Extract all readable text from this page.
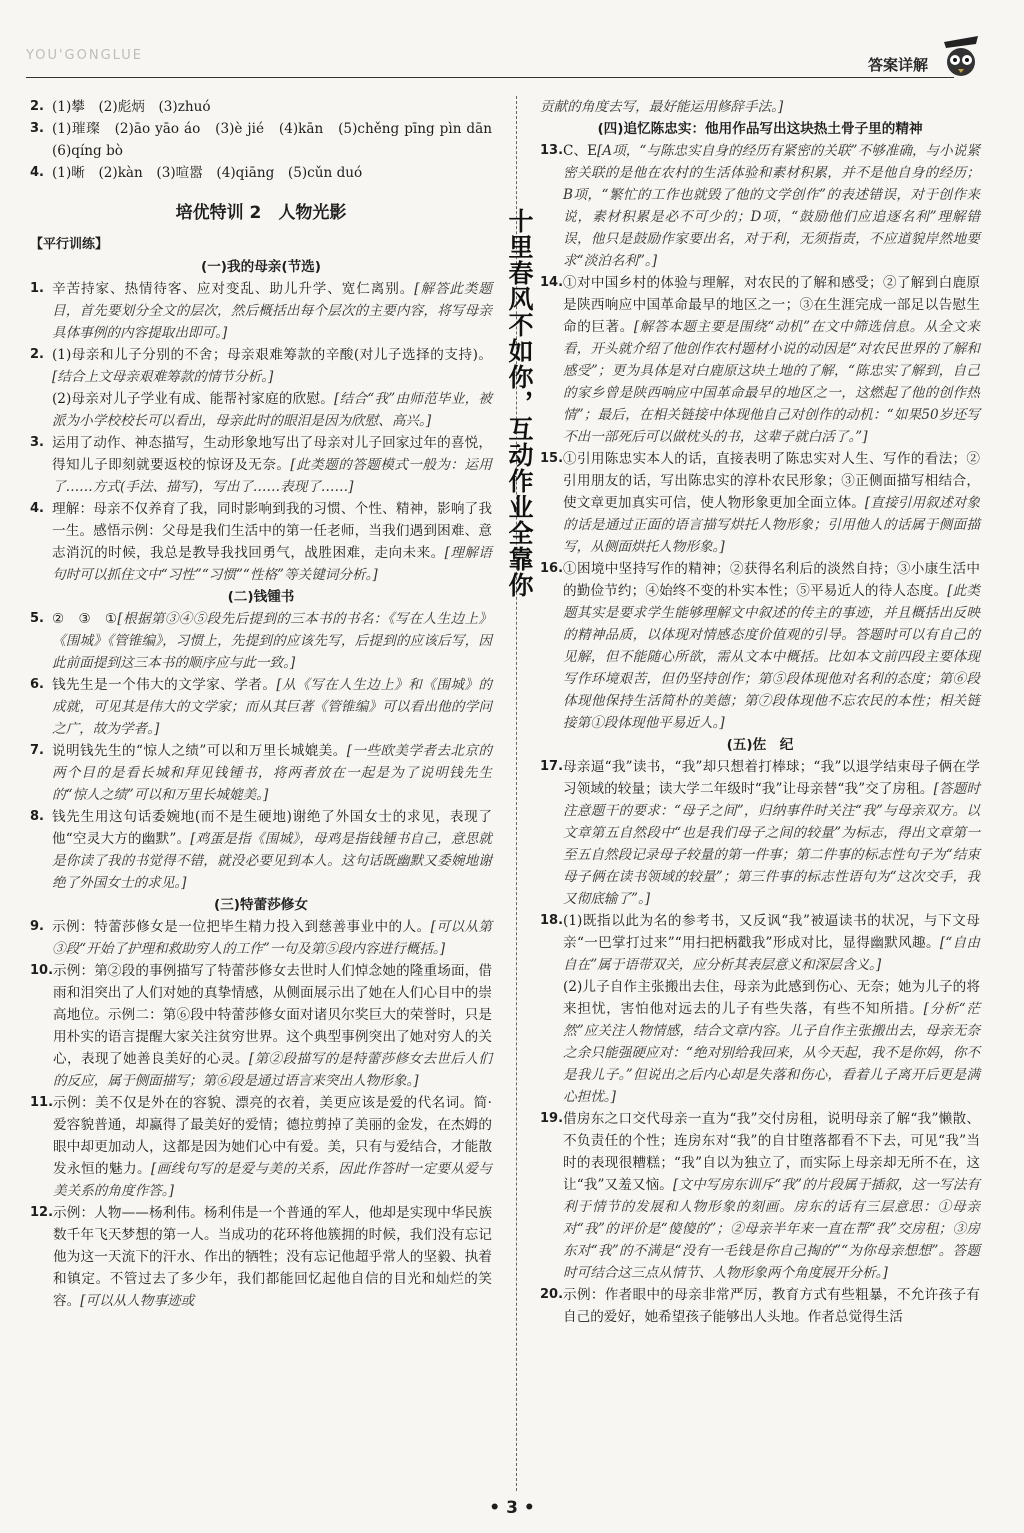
YOU'GONGLUE
答案详解
十里春风不如你，互动作业全靠你
2. (1)攀　(2)彪炳　(3)zhuó

3. (1)璀璨　(2)āo yāo áo　(3)è jié　(4)kān　(5)chěng pīng pìn dān　(6)qíng bò

4. (1)晰　(2)kàn　(3)喧嚣　(4)qiāng　(5)cǔn duó

培优特训 2　人物光影
【平行训练】
(一)我的母亲(节选)
1. 辛苦持家、热情待客、应对变乱、助儿升学、宽仁离别。[解答此类题目，首先要划分全文的层次，然后概括出每个层次的主要内容，将写母亲具体事例的内容提取出即可。]

2. (1)母亲和儿子分别的不舍；母亲艰难筹款的辛酸(对儿子选择的支持)。[结合上文母亲艰难筹款的情节分析。]

(2)母亲对儿子学业有成、能帮衬家庭的欣慰。[结合“我”由师范毕业，被派为小学校校长可以看出，母亲此时的眼泪是因为欣慰、高兴。]

3. 运用了动作、神态描写，生动形象地写出了母亲对儿子回家过年的喜悦，得知儿子即刻就要返校的惊讶及无奈。[此类题的答题模式一般为：运用了……方式(手法、描写)，写出了……表现了……]

4. 理解：母亲不仅养育了我，同时影响到我的习惯、个性、精神，影响了我一生。感悟示例：父母是我们生活中的第一任老师，当我们遇到困难、意志消沉的时候，我总是教导我找回勇气，战胜困难，走向未来。[理解语句时可以抓住文中“习性”“习惯”“性格”等关键词分析。]

(二)钱锺书
5. ②　③　①[根据第③④⑤段先后提到的三本书的书名：《写在人生边上》《围城》《管锥编》，习惯上，先提到的应该先写，后提到的应该后写，因此前面提到这三本书的顺序应与此一致。]

6. 钱先生是一个伟大的文学家、学者。[从《写在人生边上》和《围城》的成就，可见其是伟大的文学家；而从其巨著《管锥编》可以看出他的学问之广，故为学者。]

7. 说明钱先生的“惊人之绩”可以和万里长城媲美。[一些欧美学者去北京的两个目的是看长城和拜见钱锺书，将两者放在一起是为了说明钱先生的“惊人之绩”可以和万里长城媲美。]

8. 钱先生用这句话委婉地(而不是生硬地)谢绝了外国女士的求见，表现了他“空灵大方的幽默”。[鸡蛋是指《围城》，母鸡是指钱锺书自己，意思就是你读了我的书觉得不错，就没必要见到本人。这句话既幽默又委婉地谢绝了外国女士的求见。]

(三)特蕾莎修女
9. 示例：特蕾莎修女是一位把毕生精力投入到慈善事业中的人。[可以从第③段“开始了护理和救助穷人的工作”一句及第⑤段内容进行概括。]

10. 示例：第②段的事例描写了特蕾莎修女去世时人们悼念她的隆重场面，借雨和泪突出了人们对她的真挚情感，从侧面展示出了她在人们心目中的崇高地位。示例二：第⑥段中特蕾莎修女面对诸贝尔奖巨大的荣誉时，只是用朴实的语言提醒大家关注贫穷世界。这个典型事例突出了她对穷人的关心，表现了她善良美好的心灵。[第②段描写的是特蕾莎修女去世后人们的反应，属于侧面描写；第⑥段是通过语言来突出人物形象。]

11. 示例：美不仅是外在的容貌、漂亮的衣着，美更应该是爱的代名词。简·爱容貌普通，却赢得了最美好的爱情；德拉剪掉了美丽的金发，在杰姆的眼中却更加动人，这都是因为她们心中有爱。美，只有与爱结合，才能散发永恒的魅力。[画线句写的是爱与美的关系，因此作答时一定要从爱与美关系的角度作答。]

12. 示例：人物——杨利伟。杨利伟是一个普通的军人，他却是实现中华民族数千年飞天梦想的第一人。当成功的花环将他簇拥的时候，我们没有忘记他为这一天流下的汗水、作出的牺牲；没有忘记他超乎常人的坚毅、执着和镇定。不管过去了多少年，我们都能回忆起他自信的目光和灿烂的笑容。[可以从人物事迹或

贡献的角度去写，最好能运用修辞手法。]

(四)追忆陈忠实：他用作品写出这块热土骨子里的精神
13. C、E[A项，“与陈忠实自身的经历有紧密的关联”不够准确，与小说紧密关联的是他在农村的生活体验和素材积累，并不是他自身的经历；B项，“繁忙的工作也就毁了他的文学创作”的表述错误，对于创作来说，素材积累是必不可少的；D项，“鼓励他们应追逐名利”理解错误，他只是鼓励作家要出名，对于利，无须指责，不应道貌岸然地要求“淡泊名利”。]

14. ①对中国乡村的体验与理解，对农民的了解和感受；②了解到白鹿原是陕西响应中国革命最早的地区之一；③在生涯完成一部足以告慰生命的巨著。[解答本题主要是围绕“动机”在文中筛选信息。从全文来看，开头就介绍了他创作农村题材小说的动因是“对农民世界的了解和感受”；更为具体是对白鹿原这块土地的了解，“陈忠实了解到，自己的家乡曾是陕西响应中国革命最早的地区之一，这燃起了他的创作热情”；最后，在相关链接中体现他自己对创作的动机：“如果50岁还写不出一部死后可以做枕头的书，这辈子就白活了。”]

15. ①引用陈忠实本人的话，直接表明了陈忠实对人生、写作的看法；②引用朋友的话，写出陈忠实的淳朴农民形象；③正侧面描写相结合，使文章更加真实可信，使人物形象更加全面立体。[直接引用叙述对象的话是通过正面的语言描写烘托人物形象；引用他人的话属于侧面描写，从侧面烘托人物形象。]

16. ①困境中坚持写作的精神；②获得名利后的淡然自持；③小康生活中的勤俭节约；④始终不变的朴实本性；⑤平易近人的待人态度。[此类题其实是要求学生能够理解文中叙述的传主的事迹，并且概括出反映的精神品质，以体现对情感态度价值观的引导。答题时可以有自己的见解，但不能随心所欲，需从文本中概括。比如本文前四段主要体现写作环境艰苦，但仍坚持创作；第⑤段体现他对名利的态度；第⑥段体现他保持生活简朴的美德；第⑦段体现他不忘农民的本性；相关链接第①段体现他平易近人。]

(五)佐　纪
17. 母亲逼“我”读书，“我”却只想着打棒球；“我”以退学结束母子俩在学习领域的较量；读大学二年级时“我”让母亲替“我”交了房租。[答题时注意题干的要求：“母子之间”，归纳事件时关注“我”与母亲双方。以文章第五自然段中“也是我们母子之间的较量”为标志，得出文章第一至五自然段记录母子较量的第一件事；第二件事的标志性句子为“结束母子俩在读书领域的较量”；第三件事的标志性语句为“这次交手，我又彻底输了”。]

18. (1)既指以此为名的参考书，又反讽“我”被逼读书的状况，与下文母亲“一巴掌打过来”“用扫把柄戳我”形成对比，显得幽默风趣。[“自由自在”属于语带双关，应分析其表层意义和深层含义。]

(2)儿子自作主张搬出去住，母亲为此感到伤心、无奈；她为儿子的将来担忧，害怕他对远去的儿子有些失落，有些不知所措。[分析“茫然”应关注人物情感，结合文章内容。儿子自作主张搬出去，母亲无奈之余只能强硬应对：“绝对别给我回来，从今天起，我不是你妈，你不是我儿子。”但说出之后内心却是失落和伤心，看着儿子离开后更是满心担忧。]

19. 借房东之口交代母亲一直为“我”交付房租，说明母亲了解“我”懒散、不负责任的个性；连房东对“我”的自甘堕落都看不下去，可见“我”当时的表现很糟糕；“我”自以为独立了，而实际上母亲却无所不在，这让“我”又羞又恼。[文中写房东训斥“我”的片段属于插叙，这一写法有利于情节的发展和人物形象的刻画。房东的话有三层意思：①母亲对“我”的评价是“傻傻的”；②母亲半年来一直在帮“我”交房租；③房东对“我”的不满是“没有一毛钱是你自己掏的”“为你母亲想想”。答题时可结合这三点从情节、人物形象两个角度展开分析。]

20. 示例：作者眼中的母亲非常严厉，教育方式有些粗暴，不允许孩子有自己的爱好，她希望孩子能够出人头地。作者总觉得生活

• 3 •
